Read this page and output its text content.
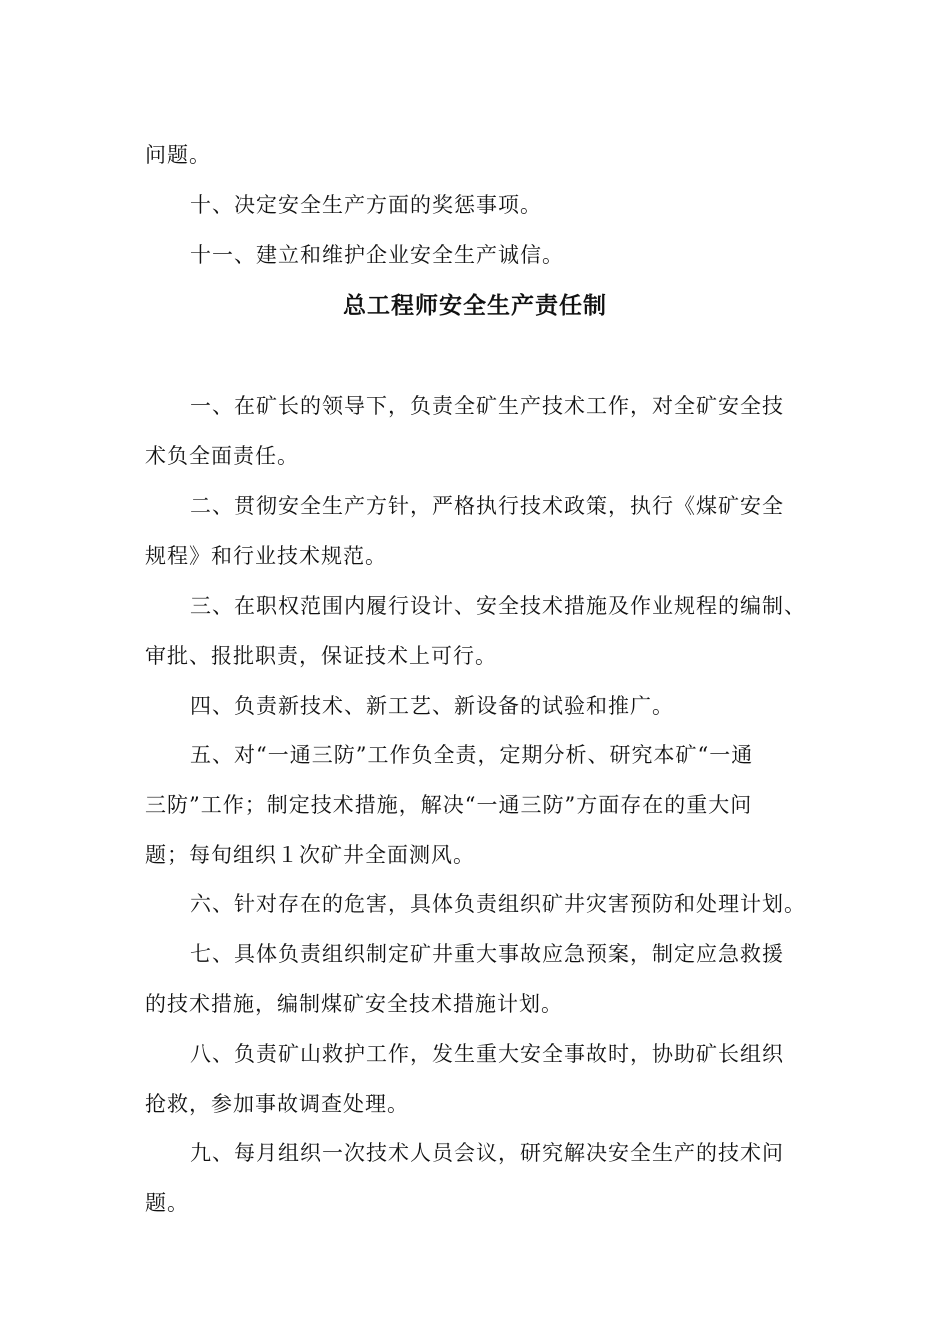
问题。
十、决定安全生产方面的奖惩事项。
十一、建立和维护企业安全生产诚信。
总工程师安全生产责任制
一、在矿长的领导下，负责全矿生产技术工作，对全矿安全技
术负全面责任。
二、贯彻安全生产方针，严格执行技术政策，执行《煤矿安全
规程》和行业技术规范。
三、在职权范围内履行设计、安全技术措施及作业规程的编制、
审批、报批职责，保证技术上可行。
四、负责新技术、新工艺、新设备的试验和推广。
五、对“一通三防”工作负全责，定期分析、研究本矿“一通
三防”工作；制定技术措施，解决“一通三防”方面存在的重大问
题；每旬组织１次矿井全面测风。
六、针对存在的危害，具体负责组织矿井灾害预防和处理计划。
七、具体负责组织制定矿井重大事故应急预案，制定应急救援
的技术措施，编制煤矿安全技术措施计划。
八、负责矿山救护工作，发生重大安全事故时，协助矿长组织
抢救，参加事故调查处理。
九、每月组织一次技术人员会议，研究解决安全生产的技术问
题。
